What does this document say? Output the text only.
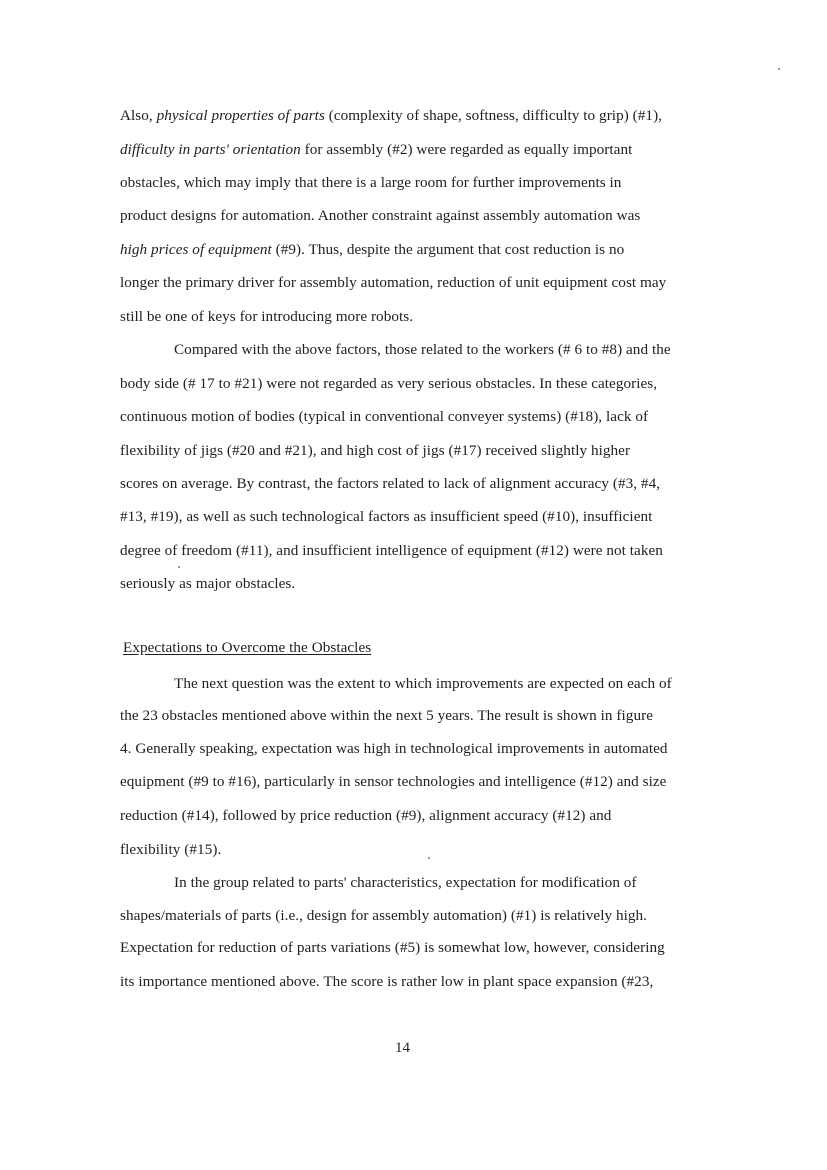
Also, physical properties of parts (complexity of shape, softness, difficulty to grip) (#1),
difficulty in parts' orientation for assembly (#2) were regarded as equally important
obstacles, which may imply that there is a large room for further improvements in
product designs for automation. Another constraint against assembly automation was
high prices of equipment (#9). Thus, despite the argument that cost reduction is no
longer the primary driver for assembly automation, reduction of unit equipment cost may
still be one of keys for introducing more robots.
Compared with the above factors, those related to the workers (# 6 to #8) and the
body side (# 17 to #21) were not regarded as very serious obstacles. In these categories,
continuous motion of bodies (typical in conventional conveyer systems) (#18), lack of
flexibility of jigs (#20 and #21), and high cost of jigs (#17) received slightly higher
scores on average. By contrast, the factors related to lack of alignment accuracy (#3, #4,
#13, #19), as well as such technological factors as insufficient speed (#10), insufficient
degree of freedom (#11), and insufficient intelligence of equipment (#12) were not taken
seriously as major obstacles.
Expectations to Overcome the Obstacles
The next question was the extent to which improvements are expected on each of
the 23 obstacles mentioned above within the next 5 years. The result is shown in figure
4. Generally speaking, expectation was high in technological improvements in automated
equipment (#9 to #16), particularly in sensor technologies and intelligence (#12) and size
reduction (#14), followed by price reduction (#9), alignment accuracy (#12) and
flexibility (#15).
In the group related to parts' characteristics, expectation for modification of
shapes/materials of parts (i.e., design for assembly automation) (#1) is relatively high.
Expectation for reduction of parts variations (#5) is somewhat low, however, considering
its importance mentioned above. The score is rather low in plant space expansion (#23,
14
